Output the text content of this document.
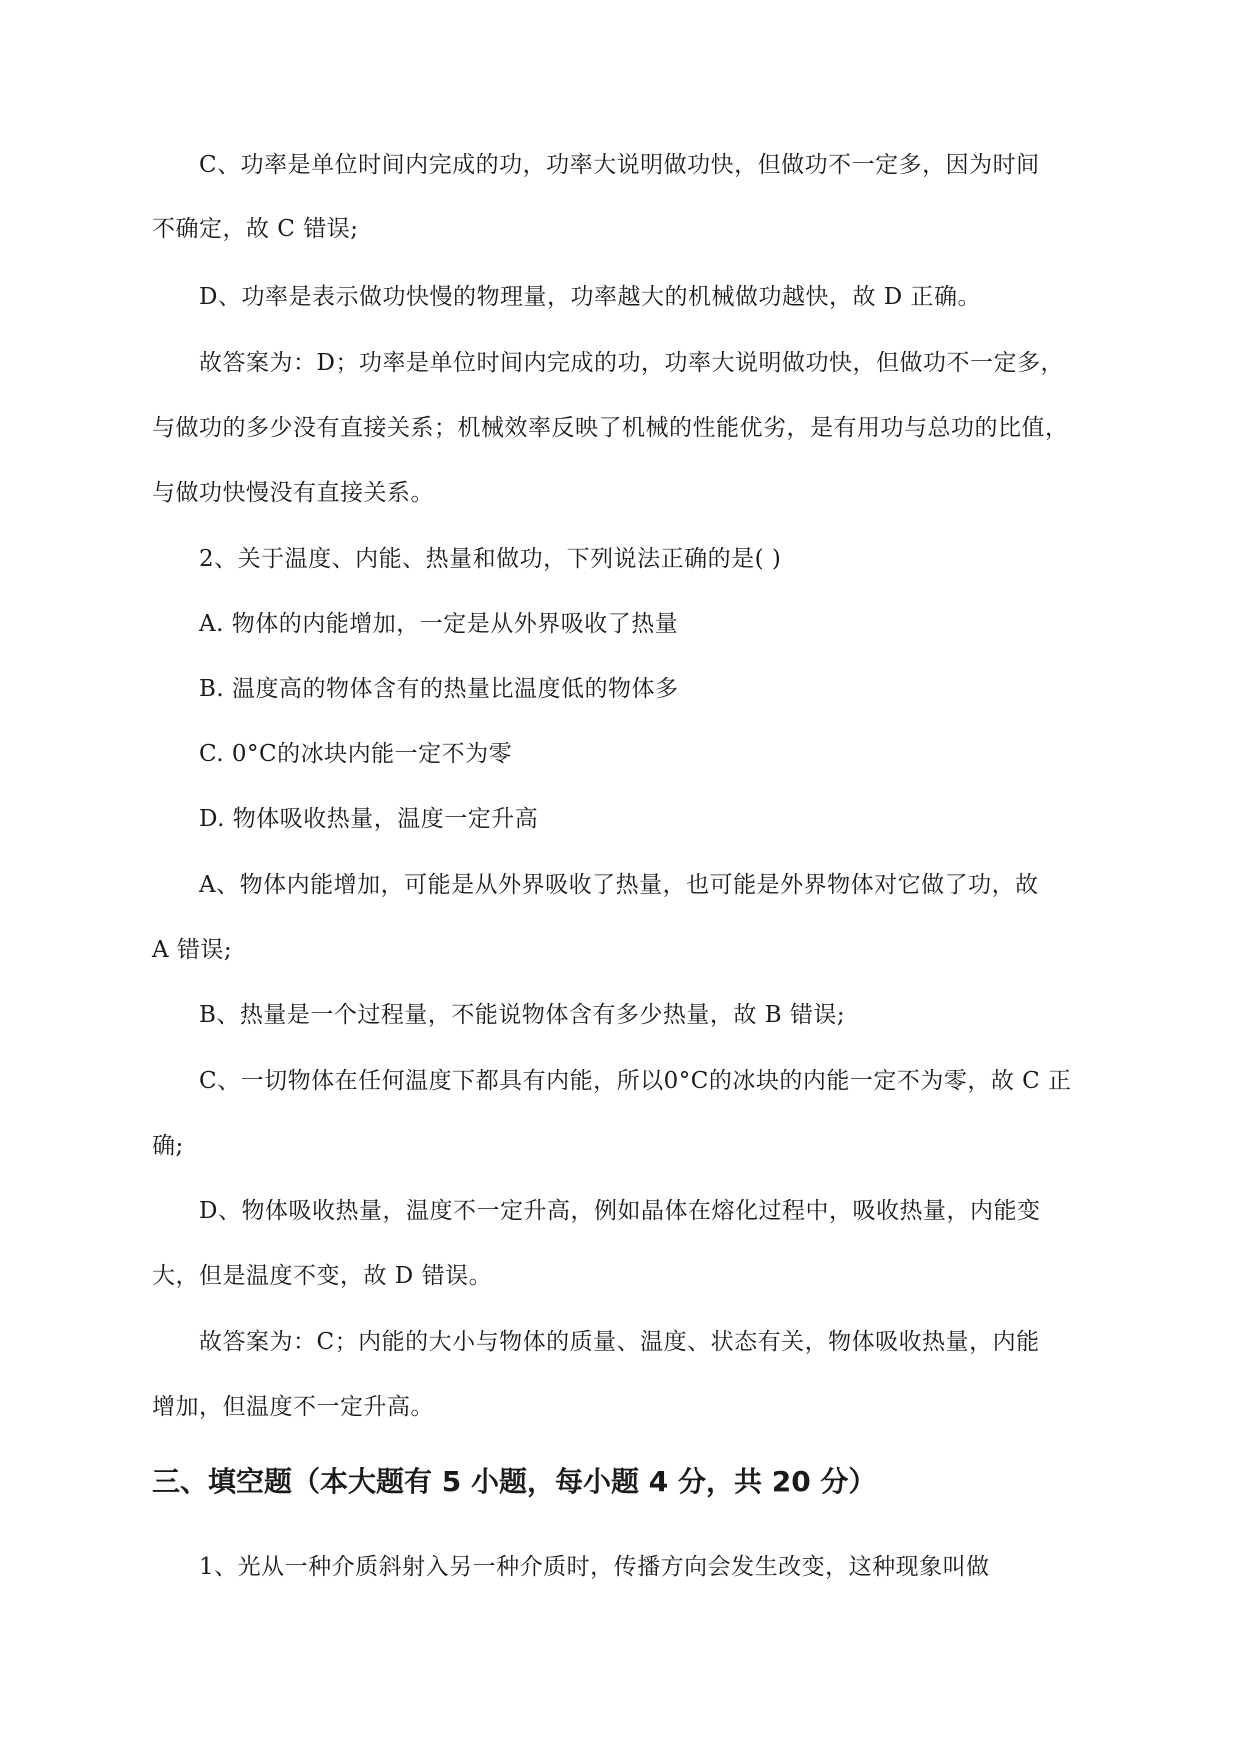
C、功率是单位时间内完成的功，功率大说明做功快，但做功不一定多，因为时间
不确定，故 C 错误;
D、功率是表示做功快慢的物理量，功率越大的机械做功越快，故 D 正确。
故答案为：D；功率是单位时间内完成的功，功率大说明做功快，但做功不一定多，
与做功的多少没有直接关系；机械效率反映了机械的性能优劣，是有用功与总功的比值，
与做功快慢没有直接关系。
2、关于温度、内能、热量和做功，下列说法正确的是( )
A. 物体的内能增加，一定是从外界吸收了热量
B. 温度高的物体含有的热量比温度低的物体多
C. 0°C的冰块内能一定不为零
D. 物体吸收热量，温度一定升高
A、物体内能增加，可能是从外界吸收了热量，也可能是外界物体对它做了功，故
A 错误;
B、热量是一个过程量，不能说物体含有多少热量，故 B 错误;
C、一切物体在任何温度下都具有内能，所以0°C的冰块的内能一定不为零，故 C 正
确;
D、物体吸收热量，温度不一定升高，例如晶体在熔化过程中，吸收热量，内能变
大，但是温度不变，故 D 错误。
故答案为：C；内能的大小与物体的质量、温度、状态有关，物体吸收热量，内能
增加，但温度不一定升高。
三、填空题（本大题有 5 小题，每小题 4 分，共 20 分）
1、光从一种介质斜射入另一种介质时，传播方向会发生改变，这种现象叫做
